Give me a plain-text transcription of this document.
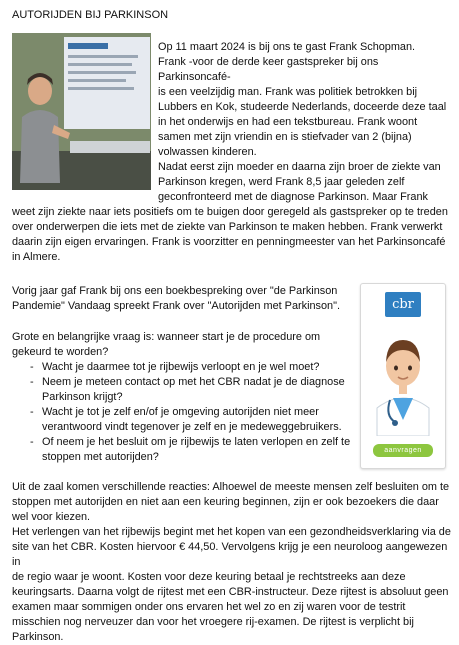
AUTORIJDEN BIJ PARKINSON
Op 11 maart 2024 is bij ons te gast Frank Schopman.
Frank -voor de derde keer gastspreker bij ons Parkinsoncafé-
is een veelzijdig man. Frank was politiek betrokken bij
Lubbers en Kok, studeerde Nederlands, doceerde deze taal
in het onderwijs en had een tekstbureau. Frank woont
samen met zijn vriendin en is stiefvader van 2 (bijna)
volwassen kinderen.
Nadat eerst zijn moeder en daarna zijn broer de ziekte van
Parkinson kregen, werd Frank 8,5 jaar geleden zelf
geconfronteerd met de diagnose Parkinson. Maar Frank
weet zijn ziekte naar iets positiefs om te buigen door geregeld als gastspreker op te treden
over onderwerpen die iets met de ziekte van Parkinson te maken hebben. Frank verwerkt
daarin zijn eigen ervaringen. Frank is voorzitter en penningmeester van het Parkinsoncafé
in Almere.
Vorig jaar gaf Frank bij ons een boekbespreking over "de Parkinson
Pandemie" Vandaag spreekt Frank over "Autorijden met Parkinson".
Grote en belangrijke vraag is: wanneer start je de procedure om
gekeurd te worden?
- Wacht je daarmee tot je rijbewijs verloopt en je wel moet?
- Neem je meteen contact op met het CBR nadat je de diagnose
Parkinson krijgt?
- Wacht je tot je zelf en/of je omgeving autorijden niet meer
verantwoord vindt tegenover je zelf en je medeweggebruikers.
- Of neem je het besluit om je rijbewijs te laten verlopen en zelf te
stoppen met autorijden?
cbr
aanvragen
Uit de zaal komen verschillende reacties: Alhoewel de meeste mensen zelf besluiten om te
stoppen met autorijden en niet aan een keuring beginnen, zijn er ook bezoekers die daar
wel voor kiezen.
Het verlengen van het rijbewijs begint met het kopen van een gezondheidsverklaring via de
site van het CBR. Kosten hiervoor € 44,50. Vervolgens krijg je een neuroloog aangewezen in
de regio waar je woont. Kosten voor deze keuring betaal je rechtstreeks aan deze
keuringsarts. Daarna volgt de rijtest met een CBR-instructeur. Deze rijtest is absoluut geen
examen maar sommigen onder ons ervaren het wel zo en zij waren voor de testrit
misschien nog nerveuzer dan voor het vroegere rij-examen. De rijtest is verplicht bij
Parkinson.
